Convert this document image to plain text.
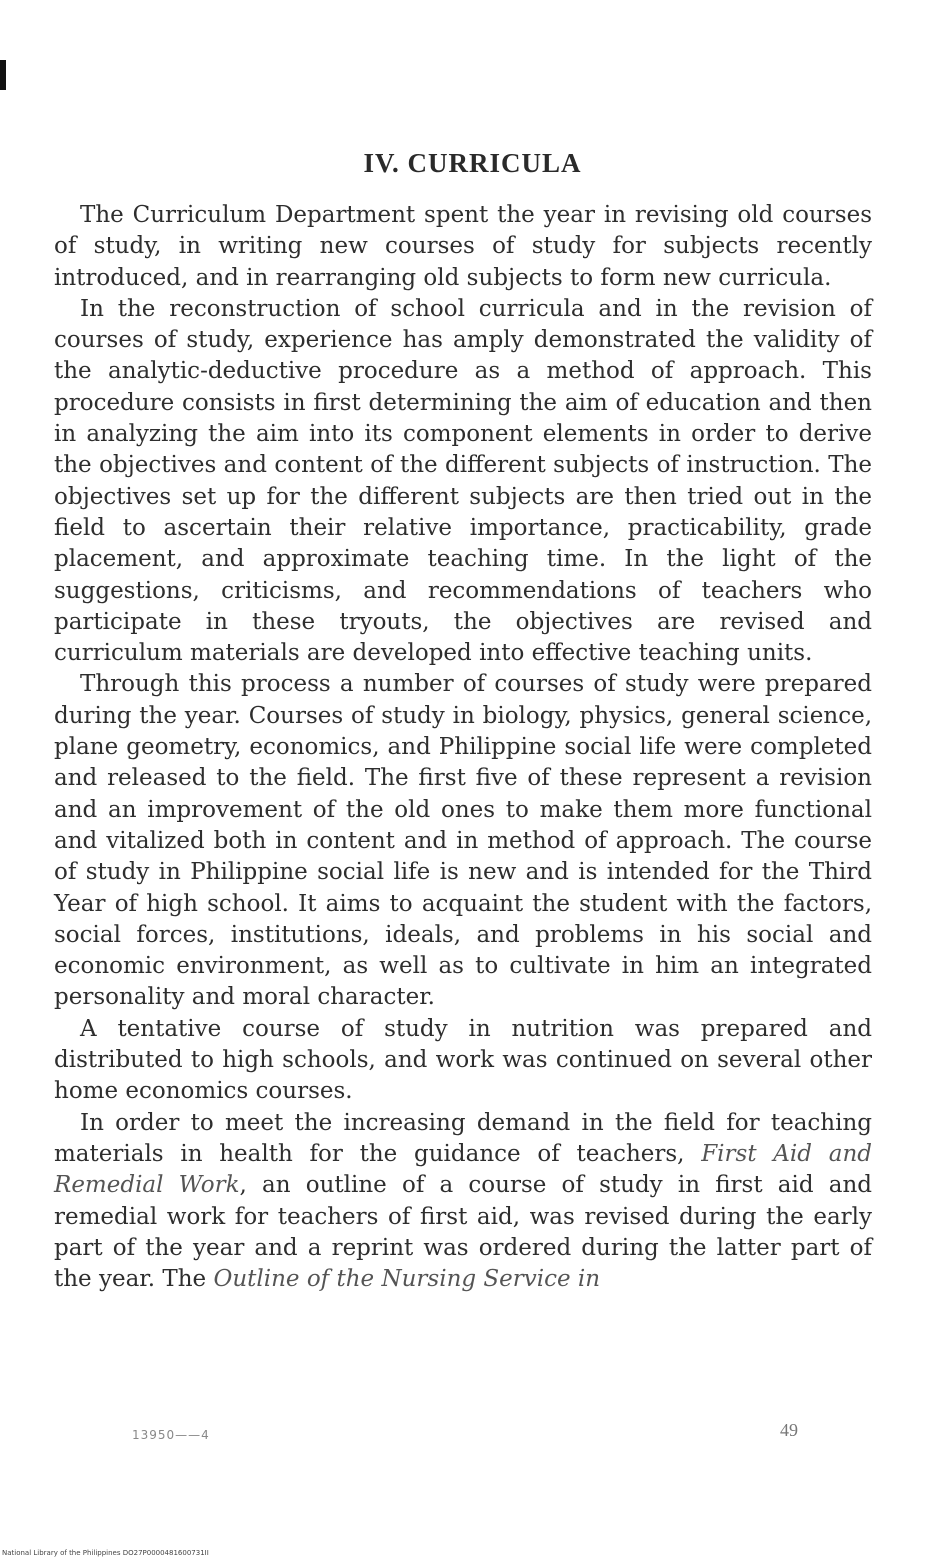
IV. CURRICULA

The Curriculum Department spent the year in revising old courses of study, in writing new courses of study for subjects recently introduced, and in rearranging old subjects to form new curricula.

In the reconstruction of school curricula and in the revision of courses of study, experience has amply demonstrated the validity of the analytic-deductive procedure as a method of approach. This procedure consists in first determining the aim of education and then in analyzing the aim into its component elements in order to derive the objectives and content of the different subjects of instruction. The objectives set up for the different subjects are then tried out in the field to ascertain their relative importance, practicability, grade placement, and approximate teaching time. In the light of the suggestions, criticisms, and recommendations of teachers who participate in these tryouts, the objectives are revised and curriculum materials are developed into effective teaching units.

Through this process a number of courses of study were prepared during the year. Courses of study in biology, physics, general science, plane geometry, economics, and Philippine social life were completed and released to the field. The first five of these represent a revision and an improvement of the old ones to make them more functional and vitalized both in content and in method of approach. The course of study in Philippine social life is new and is intended for the Third Year of high school. It aims to acquaint the student with the factors, social forces, institutions, ideals, and problems in his social and economic environment, as well as to cultivate in him an integrated personality and moral character.

A tentative course of study in nutrition was prepared and distributed to high schools, and work was continued on several other home economics courses.

In order to meet the increasing demand in the field for teaching materials in health for the guidance of teachers, First Aid and Remedial Work, an outline of a course of study in first aid and remedial work for teachers of first aid, was revised during the early part of the year and a reprint was ordered during the latter part of the year. The Outline of the Nursing Service in

13950——4	49
National Library of the Philippines DO27P0000481600731II
